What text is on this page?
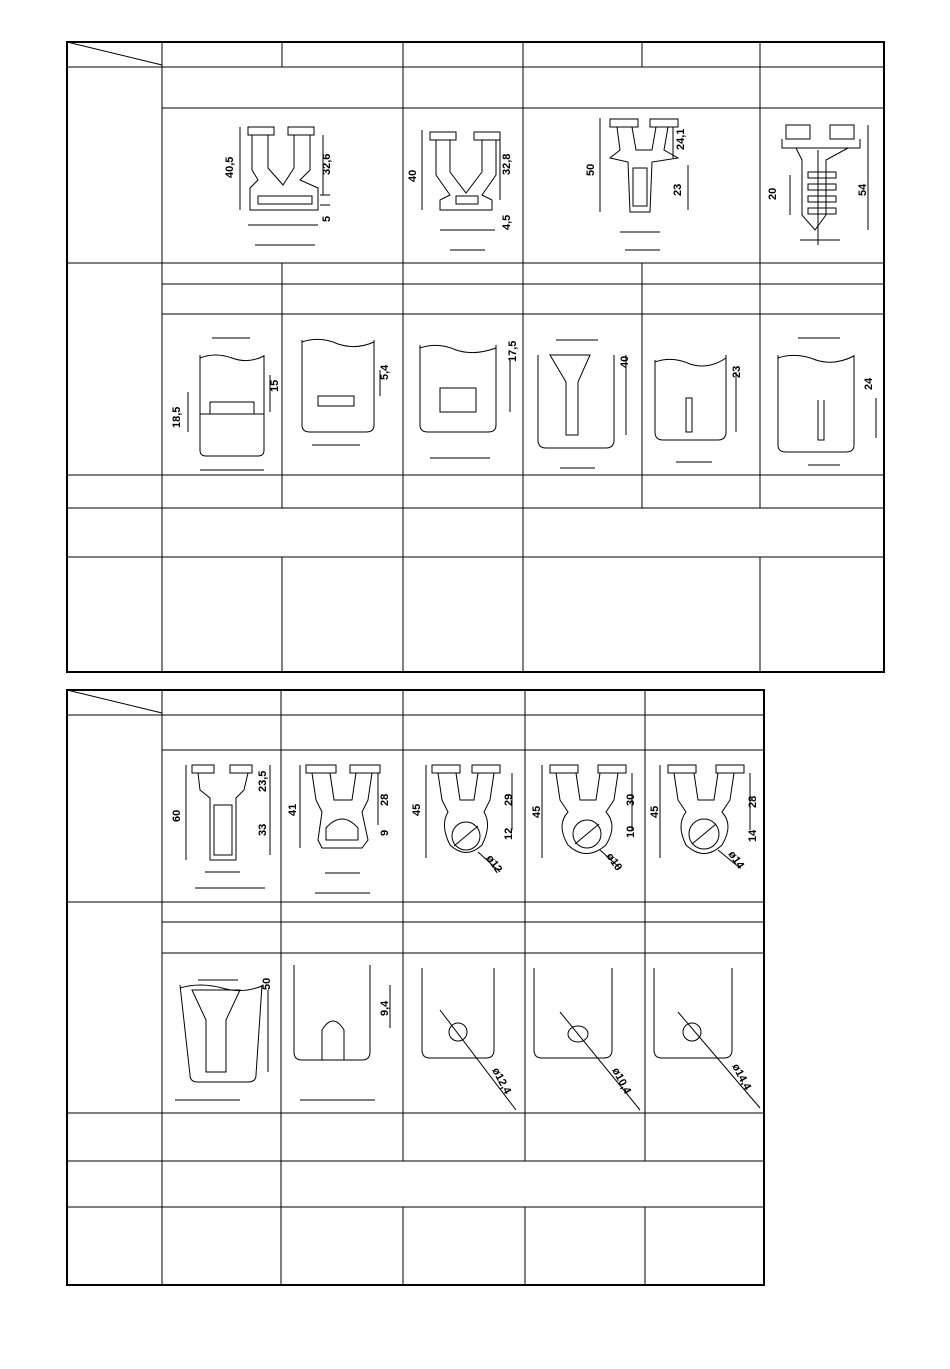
40,5	32,6
5
40
32,8
4,5
50
24,1
23	20	54
18,5
15
5,4
17,5	40
23
24
60
23,5
33
41
28
9
45
29
12
ø12
45
30
10
ø10
45
28
14
ø14
50
9,4
ø12,4	ø10,4	ø14,4
